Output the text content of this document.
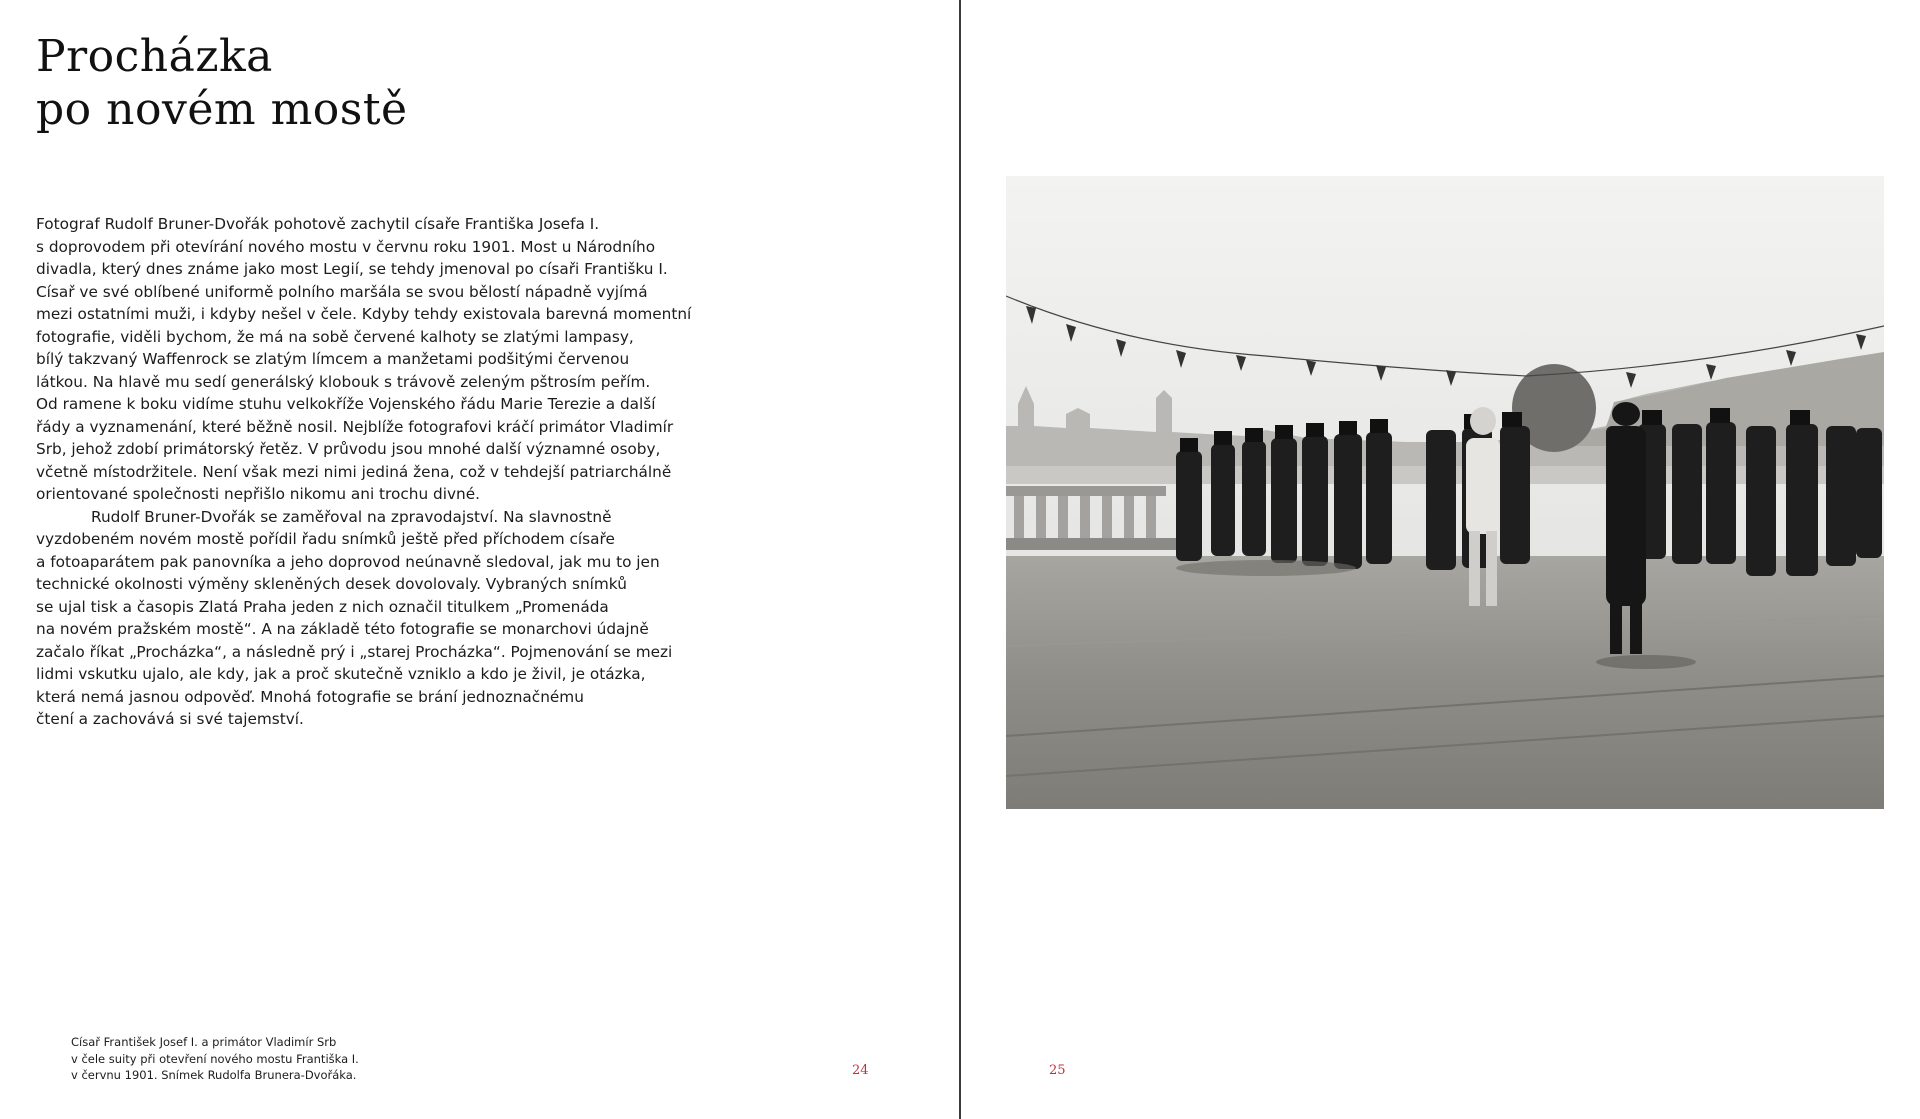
Procházka
po novém mostě
Fotograf Rudolf Bruner-Dvořák pohotově zachytil císaře Františka Josefa I.
s doprovodem při otevírání nového mostu v červnu roku 1901. Most u Národního
divadla, který dnes známe jako most Legií, se tehdy jmenoval po císaři Františku I.
Císař ve své oblíbené uniformě polního maršála se svou bělostí nápadně vyjímá
mezi ostatními muži, i kdyby nešel v čele. Kdyby tehdy existovala barevná momentní
fotografie, viděli bychom, že má na sobě červené kalhoty se zlatými lampasy,
bílý takzvaný Waffenrock se zlatým límcem a manžetami podšitými červenou
látkou. Na hlavě mu sedí generálský klobouk s trávově zeleným pštrosím peřím.
Od ramene k boku vidíme stuhu velkokříže Vojenského řádu Marie Terezie a další
řády a vyznamenání, které běžně nosil. Nejblíže fotografovi kráčí primátor Vladimír
Srb, jehož zdobí primátorský řetěz. V průvodu jsou mnohé další významné osoby,
včetně místodržitele. Není však mezi nimi jediná žena, což v tehdejší patriarchálně
orientované společnosti nepřišlo nikomu ani trochu divné.
Rudolf Bruner-Dvořák se zaměřoval na zpravodajství. Na slavnostně
vyzdobeném novém mostě pořídil řadu snímků ještě před příchodem císaře
a fotoaparátem pak panovníka a jeho doprovod neúnavně sledoval, jak mu to jen
technické okolnosti výměny skleněných desek dovolovaly. Vybraných snímků
se ujal tisk a časopis Zlatá Praha jeden z nich označil titulkem „Promenáda
na novém pražském mostě“. A na základě této fotografie se monarchovi údajně
začalo říkat „Procházka“, a následně prý i „starej Procházka“. Pojmenování se mezi
lidmi vskutku ujalo, ale kdy, jak a proč skutečně vzniklo a kdo je živil, je otázka,
která nemá jasnou odpověď. Mnohá fotografie se brání jednoznačnému
čtení a zachovává si své tajemství.
Císař František Josef I. a primátor Vladimír Srb
v čele suity při otevření nového mostu Františka I.
v červnu 1901. Snímek Rudolfa Brunera-Dvořáka.	24	25
